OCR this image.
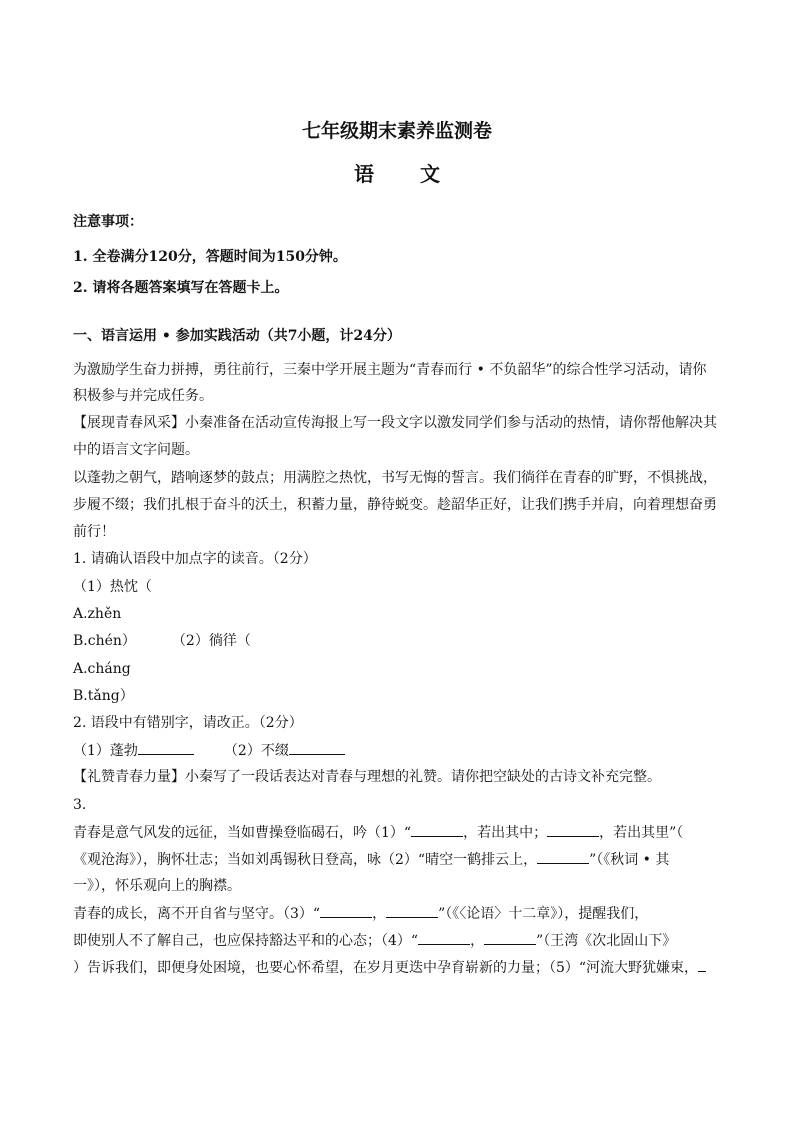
七年级期末素养监测卷
语 文
注意事项：
1. 全卷满分120分，答题时间为150分钟。
2. 请将各题答案填写在答题卡上。
一、语言运用 • 参加实践活动（共7小题，计24分）
为激励学生奋力拼搏，勇往前行，三秦中学开展主题为“青春而行 • 不负韶华”的综合性学习活动，请你
积极参与并完成任务。
【展现青春风采】小秦准备在活动宣传海报上写一段文字以激发同学们参与活动的热情，请你帮他解决其
中的语言文字问题。
以蓬勃之朝气，踏响逐梦的鼓点；用满腔之热忱，书写无悔的誓言。我们徜徉在青春的旷野，不惧挑战，
步履不缀；我们扎根于奋斗的沃土，积蓄力量，静待蜕变。趁韶华正好，让我们携手并肩，向着理想奋勇
前行！
1. 请确认语段中加点字的读音。（2分）
（1）热忱（
A.zhěn
B.chén）	（2）徜徉（
A.cháng
B.tǎng）
2. 语段中有错别字，请改正。（2分）
（1）蓬勃	（2）不缀
【礼赞青春力量】小秦写了一段话表达对青春与理想的礼赞。请你把空缺处的古诗文补充完整。
3.
青春是意气风发的远征，当如曹操登临碣石，吟（1）“	，若出其中；	，若出其里”（
《观沧海》），胸怀壮志；当如刘禹锡秋日登高，咏（2）“晴空一鹤排云上，	”（《秋词 • 其
一》），怀乐观向上的胸襟。
青春的成长，离不开自省与坚守。（3）“	，	”（《〈论语〉十二章》），提醒我们，
即使别人不了解自己，也应保持豁达平和的心态；（4）“	，	”（王湾《次北固山下》
）告诉我们，即便身处困境，也要心怀希望，在岁月更迭中孕育崭新的力量；（5）“河流大野犹嫌束，
